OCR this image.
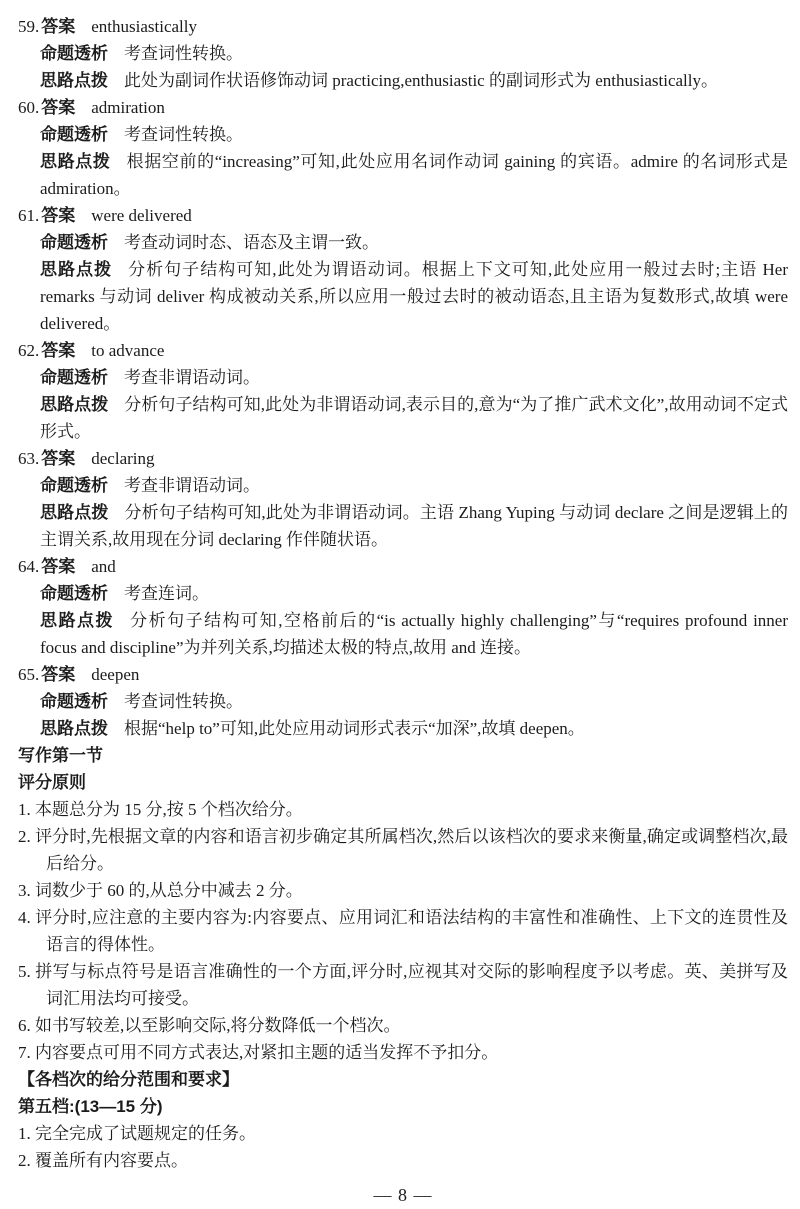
59. 答案 enthusiastically

命题透析 考查词性转换。

思路点拨 此处为副词作状语修饰动词 practicing,enthusiastic 的副词形式为 enthusiastically。

60. 答案 admiration

命题透析 考查词性转换。

思路点拨 根据空前的“increasing”可知,此处应用名词作动词 gaining 的宾语。admire 的名词形式是 admiration。

61. 答案 were delivered

命题透析 考查动词时态、语态及主谓一致。

思路点拨 分析句子结构可知,此处为谓语动词。根据上下文可知,此处应用一般过去时;主语 Her remarks 与动词 deliver 构成被动关系,所以应用一般过去时的被动语态,且主语为复数形式,故填 were delivered。

62. 答案 to advance

命题透析 考查非谓语动词。

思路点拨 分析句子结构可知,此处为非谓语动词,表示目的,意为“为了推广武术文化”,故用动词不定式形式。

63. 答案 declaring

命题透析 考查非谓语动词。

思路点拨 分析句子结构可知,此处为非谓语动词。主语 Zhang Yuping 与动词 declare 之间是逻辑上的主谓关系,故用现在分词 declaring 作伴随状语。

64. 答案 and

命题透析 考查连词。

思路点拨 分析句子结构可知,空格前后的“is actually highly challenging”与“requires profound inner focus and discipline”为并列关系,均描述太极的特点,故用 and 连接。

65. 答案 deepen

命题透析 考查词性转换。

思路点拨 根据“help to”可知,此处应用动词形式表示“加深”,故填 deepen。

写作第一节

评分原则

1. 本题总分为 15 分,按 5 个档次给分。

2. 评分时,先根据文章的内容和语言初步确定其所属档次,然后以该档次的要求来衡量,确定或调整档次,最后给分。

3. 词数少于 60 的,从总分中减去 2 分。

4. 评分时,应注意的主要内容为:内容要点、应用词汇和语法结构的丰富性和准确性、上下文的连贯性及语言的得体性。

5. 拼写与标点符号是语言准确性的一个方面,评分时,应视其对交际的影响程度予以考虑。英、美拼写及词汇用法均可接受。

6. 如书写较差,以至影响交际,将分数降低一个档次。

7. 内容要点可用不同方式表达,对紧扣主题的适当发挥不予扣分。

【各档次的给分范围和要求】

第五档:(13—15 分)

1. 完全完成了试题规定的任务。

2. 覆盖所有内容要点。

— 8 —
